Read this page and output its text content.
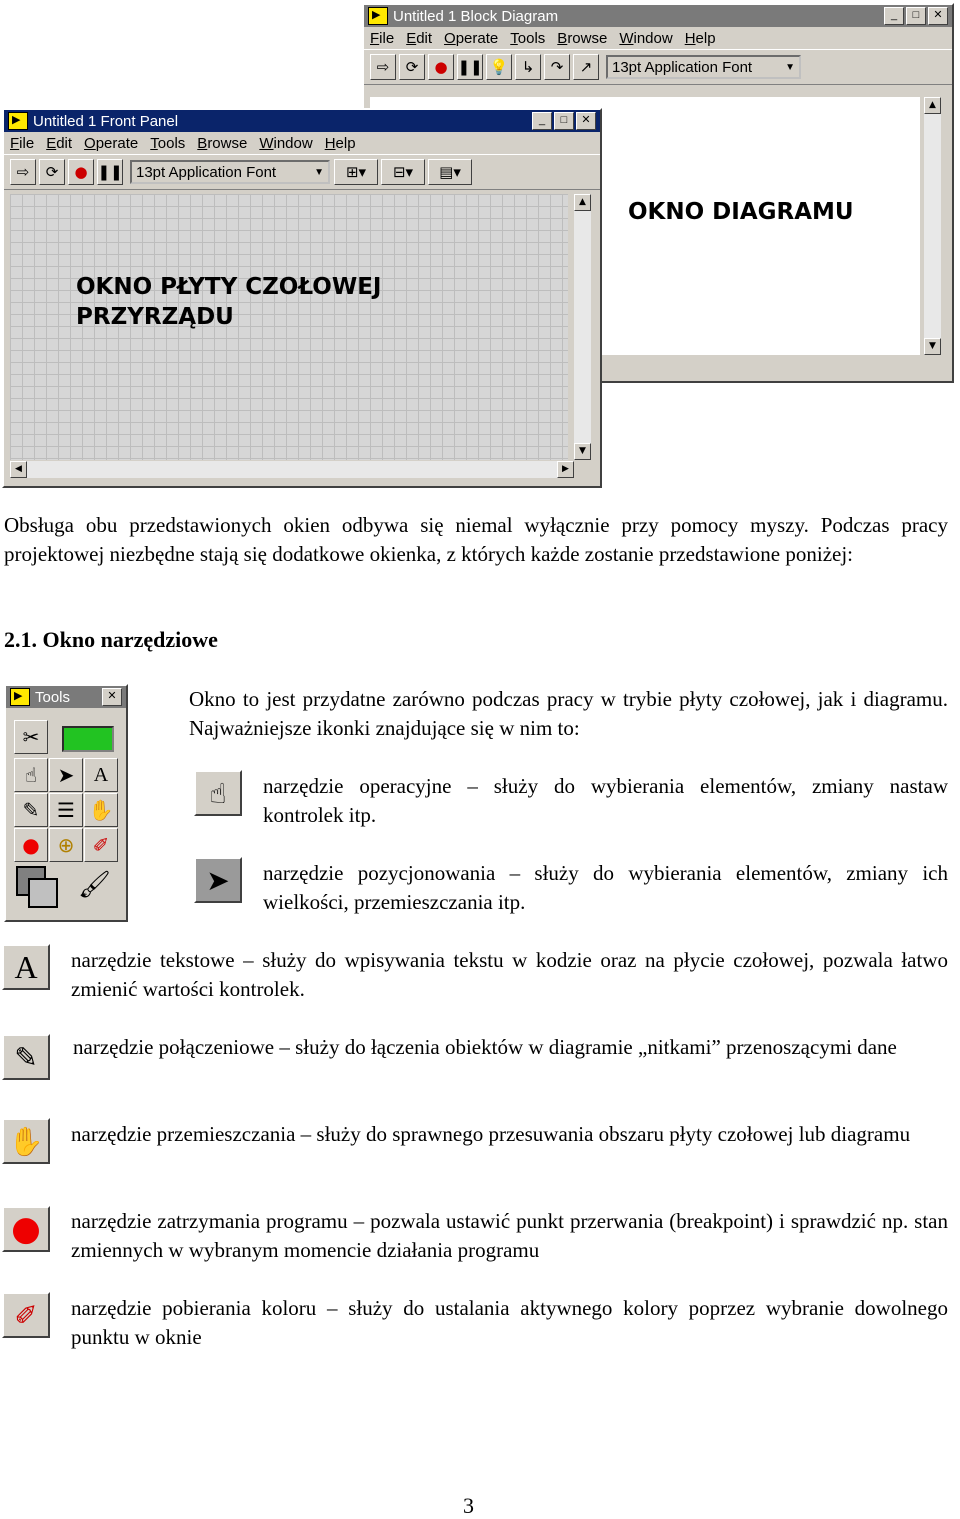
▶
Untitled 1 Block Diagram	_	□	✕
File Edit Operate Tools Browse Window Help
⇨	⟳	● ❚❚ 💡 ↳	↷	↗	13pt Application Font	▼
▲
▼
OKNO DIAGRAMU
▶
Untitled 1 Front Panel	_	□	✕
File Edit Operate Tools Browse Window Help
⇨	⟳	● ❚❚ 13pt Application Font	▼	⊞▾	⊟▾	▤▾
▲
▼
◀	▶
OKNO PŁYTY CZOŁOWEJ
PRZYRZĄDU
Obsługa obu przedstawionych okien odbywa się niemal wyłącznie przy pomocy myszy. Podczas pracy projektowej niezbędne stają się dodatkowe okienka, z których każde zostanie przedstawione poniżej:
2.1. Okno narzędziowe
▶
Tools	✕
✂
☝	➤ A
✎ ☰ ✋
● ⊕ ✐
🖌
Okno to jest przydatne zarówno podczas pracy w trybie płyty czołowej, jak i diagramu. Najważniejsze ikonki znajdujące się w nim to:
☝	narzędzie operacyjne – służy do wybierania elementów, zmiany nastaw kontrolek itp.
➤	narzędzie pozycjonowania – służy do wybierania elementów, zmiany ich wielkości, przemieszczania itp.
A	narzędzie tekstowe – służy do wpisywania tekstu w kodzie oraz na płycie czołowej, pozwala łatwo zmienić wartości kontrolek.
✎	narzędzie połączeniowe – służy do łączenia obiektów w diagramie „nitkami” przenoszącymi dane
✋	narzędzie przemieszczania – służy do sprawnego przesuwania obszaru płyty czołowej lub diagramu
●	narzędzie zatrzymania programu – pozwala ustawić punkt przerwania (breakpoint) i sprawdzić np. stan zmiennych w wybranym momencie działania programu
✐	narzędzie pobierania koloru – służy do ustalania aktywnego kolory poprzez wybranie dowolnego punktu w oknie
3
